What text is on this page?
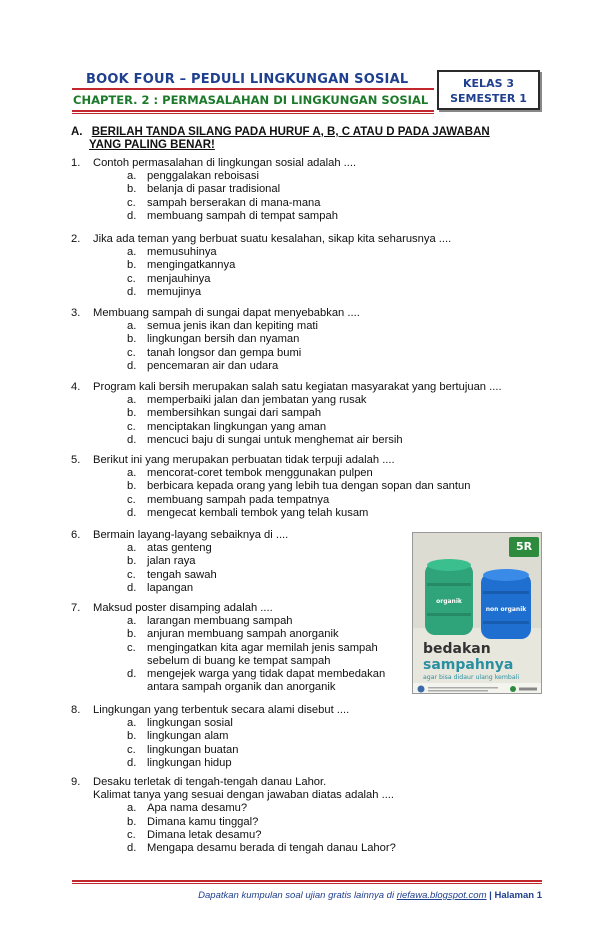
BOOK FOUR – PEDULI LINGKUNGAN SOSIAL
CHAPTER. 2 : PERMASALAHAN DI LINGKUNGAN SOSIAL
KELAS 3
SEMESTER 1
A. BERILAH TANDA SILANG PADA HURUF A, B, C ATAU D PADA JAWABAN
YANG PALING BENAR!
1. Contoh permasalahan di lingkungan sosial adalah ....
a. penggalakan reboisasi
b. belanja di pasar tradisional
c. sampah berserakan di mana-mana
d. membuang sampah di tempat sampah
2. Jika ada teman yang berbuat suatu kesalahan, sikap kita seharusnya ....
a. memusuhinya
b. mengingatkannya
c. menjauhinya
d. memujinya
3. Membuang sampah di sungai dapat menyebabkan ....
a. semua jenis ikan dan kepiting mati
b. lingkungan bersih dan nyaman
c. tanah longsor dan gempa bumi
d. pencemaran air dan udara
4. Program kali bersih merupakan salah satu kegiatan masyarakat yang bertujuan ....
a. memperbaiki jalan dan jembatan yang rusak
b. membersihkan sungai dari sampah
c. menciptakan lingkungan yang aman
d. mencuci baju di sungai untuk menghemat air bersih
5. Berikut ini yang merupakan perbuatan tidak terpuji adalah ....
a. mencorat-coret tembok menggunakan pulpen
b. berbicara kepada orang yang lebih tua dengan sopan dan santun
c. membuang sampah pada tempatnya
d. mengecat kembali tembok yang telah kusam
6. Bermain layang-layang sebaiknya di ....
a. atas genteng
b. jalan raya
c. tengah sawah
d. lapangan
7. Maksud poster disamping adalah ....
a. larangan membuang sampah
b. anjuran membuang sampah anorganik
c. mengingatkan kita agar memilah jenis sampah sebelum di buang ke tempat sampah
d. mengejek warga yang tidak dapat membedakan antara sampah organik dan anorganik
8. Lingkungan yang terbentuk secara alami disebut ....
a. lingkungan sosial
b. lingkungan alam
c. lingkungan buatan
d. lingkungan hidup
9. Desaku terletak di tengah-tengah danau Lahor.
Kalimat tanya yang sesuai dengan jawaban diatas adalah ....
a. Apa nama desamu?
b. Dimana kamu tinggal?
c. Dimana letak desamu?
d. Mengapa desamu berada di tengah danau Lahor?
5R
organik
non organik
bedakan
sampahnya
agar bisa didaur ulang kembali
Dapatkan kumpulan soal ujian gratis lainnya di riefawa.blogspot.com | Halaman 1
